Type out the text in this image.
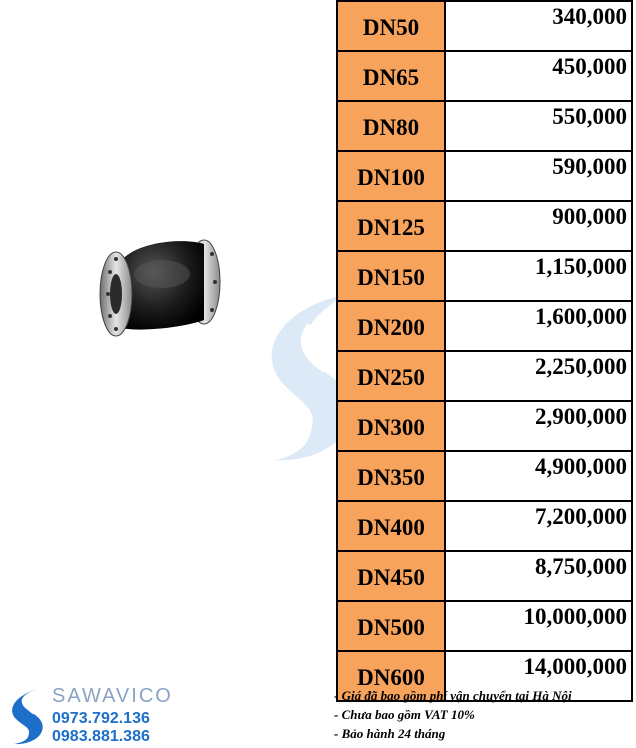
DN50	340,000
DN65	450,000
DN80	550,000
DN100	590,000
DN125	900,000
DN150	1,150,000
DN200	1,600,000
DN250	2,250,000
DN300	2,900,000
DN350	4,900,000
DN400	7,200,000
DN450	8,750,000
DN500	10,000,000
DN600	14,000,000
- Giá đã bao gồm phí vận chuyển tại Hà Nội
- Chưa bao gồm VAT 10%
- Bảo hành 24 tháng
SAWAVICO
0973.792.136
0983.881.386
